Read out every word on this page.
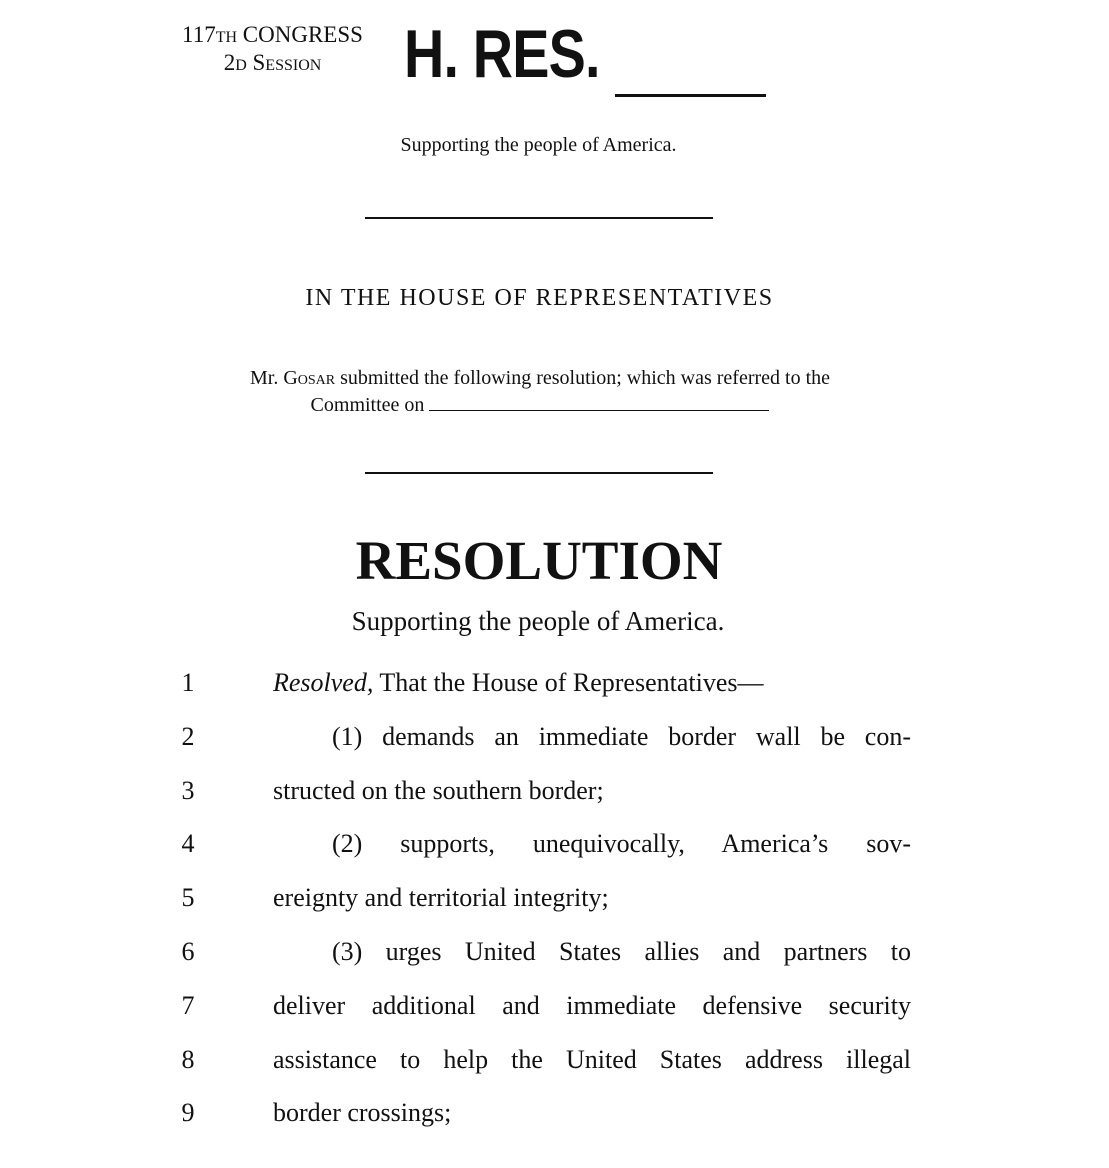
117TH CONGRESS
2D Session	H. RES.
Supporting the people of America.
IN THE HOUSE OF REPRESENTATIVES
Mr. Gosar submitted the following resolution; which was referred to the
Committee on
RESOLUTION
Supporting the people of America.
1	Resolved, That the House of Representatives—
2	(1) demands an immediate border wall be con-
3	structed on the southern border;
4	(2) supports, unequivocally, America’s sov-
5	ereignty and territorial integrity;
6	(3) urges United States allies and partners to
7	deliver additional and immediate defensive security
8	assistance to help the United States address illegal
9	border crossings;
